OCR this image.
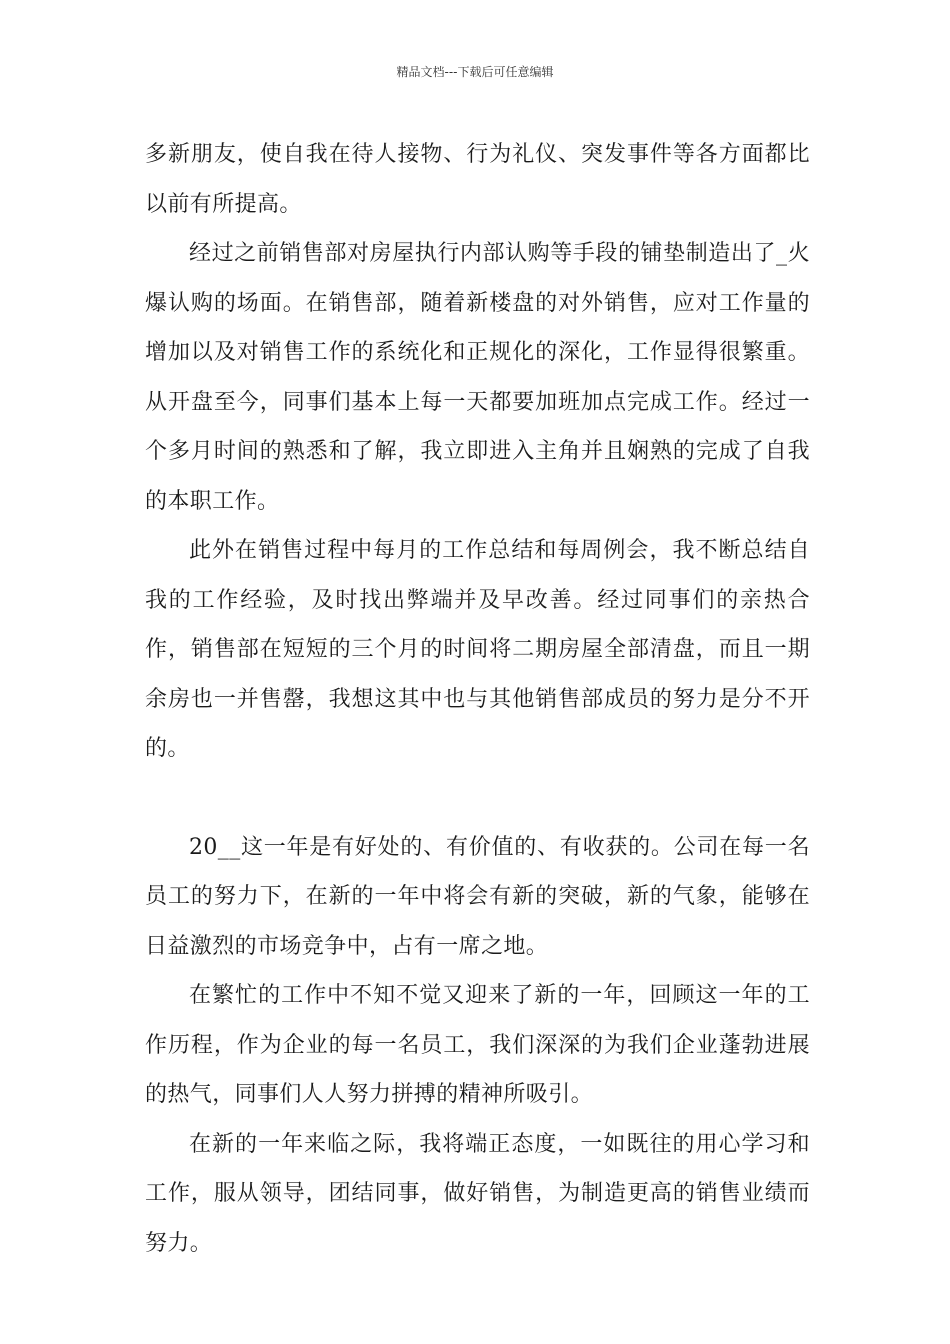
精品文档---下载后可任意编辑

多新朋友，使自我在待人接物、行为礼仪、突发事件等各方面都比以前有所提高。

经过之前销售部对房屋执行内部认购等手段的铺垫制造出了_火爆认购的场面。在销售部，随着新楼盘的对外销售，应对工作量的增加以及对销售工作的系统化和正规化的深化，工作显得很繁重。从开盘至今，同事们基本上每一天都要加班加点完成工作。经过一个多月时间的熟悉和了解，我立即进入主角并且娴熟的完成了自我的本职工作。

此外在销售过程中每月的工作总结和每周例会，我不断总结自我的工作经验，及时找出弊端并及早改善。经过同事们的亲热合作，销售部在短短的三个月的时间将二期房屋全部清盘，而且一期余房也一并售罄，我想这其中也与其他销售部成员的努力是分不开的。

20__这一年是有好处的、有价值的、有收获的。公司在每一名员工的努力下，在新的一年中将会有新的突破，新的气象，能够在日益激烈的市场竞争中，占有一席之地。

在繁忙的工作中不知不觉又迎来了新的一年，回顾这一年的工作历程，作为企业的每一名员工，我们深深的为我们企业蓬勃进展的热气，同事们人人努力拼搏的精神所吸引。

在新的一年来临之际，我将端正态度，一如既往的用心学习和工作，服从领导，团结同事，做好销售，为制造更高的销售业绩而努力。
